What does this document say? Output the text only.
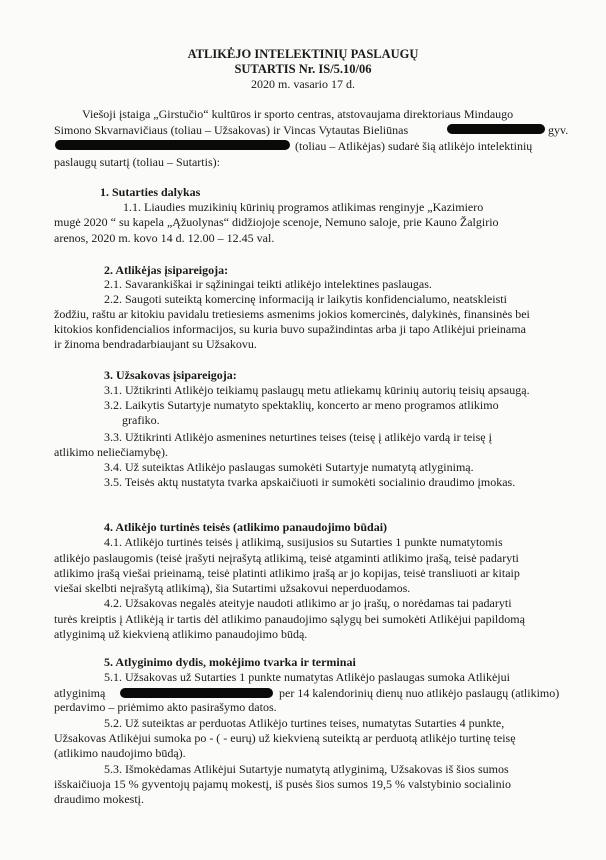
ATLIKĖJO INTELEKTINIŲ PASLAUGŲ
SUTARTIS Nr. IS/5.10/06
2020 m. vasario 17 d.
Viešoji įstaiga „Girstučio“ kultūros ir sporto centras, atstovaujama direktoriaus Mindaugo
Simono Skvarnavičiaus (toliau – Užsakovas) ir Vincas Vytautas Bieliūnas	gyv.
(toliau – Atlikėjas) sudarė šią atlikėjo intelektinių
paslaugų sutartį (toliau – Sutartis):
1. Sutarties dalykas
1.1. Liaudies muzikinių kūrinių programos atlikimas renginyje „Kazimiero
mugė 2020 “ su kapela „Ąžuolynas“ didžiojoje scenoje, Nemuno saloje, prie Kauno Žalgirio
arenos, 2020 m. kovo 14 d. 12.00 – 12.45 val.
2. Atlikėjas įsipareigoja:
2.1. Savarankiškai ir sąžiningai teikti atlikėjo intelektines paslaugas.
2.2. Saugoti suteiktą komercinę informaciją ir laikytis konfidencialumo, neatskleisti
žodžiu, raštu ar kitokiu pavidalu tretiesiems asmenims jokios komercinės, dalykinės, finansinės bei
kitokios konfidencialios informacijos, su kuria buvo supažindintas arba ji tapo Atlikėjui prieinama
ir žinoma bendradarbiaujant su Užsakovu.
3. Užsakovas įsipareigoja:
3.1. Užtikrinti Atlikėjo teikiamų paslaugų metu atliekamų kūrinių autorių teisių apsaugą.
3.2. Laikytis Sutartyje numatyto spektaklių, koncerto ar meno programos atlikimo
grafiko.
3.3. Užtikrinti Atlikėjo asmenines neturtines teises (teisę į atlikėjo vardą ir teisę į
atlikimo neliečiamybę).
3.4. Už suteiktas Atlikėjo paslaugas sumokėti Sutartyje numatytą atlyginimą.
3.5. Teisės aktų nustatyta tvarka apskaičiuoti ir sumokėti socialinio draudimo įmokas.
4. Atlikėjo turtinės teisės (atlikimo panaudojimo būdai)
4.1. Atlikėjo turtinės teisės į atlikimą, susijusios su Sutarties 1 punkte numatytomis
atlikėjo paslaugomis (teisė įrašyti neįrašytą atlikimą, teisė atgaminti atlikimo įrašą, teisė padaryti
atlikimo įrašą viešai prieinamą, teisė platinti atlikimo įrašą ar jo kopijas, teisė transliuoti ar kitaip
viešai skelbti neįrašytą atlikimą), šia Sutartimi užsakovui neperduodamos.
4.2. Užsakovas negalės ateityje naudoti atlikimo ar jo įrašų, o norėdamas tai padaryti
turės kreiptis į Atlikėją ir tartis dėl atlikimo panaudojimo sąlygų bei sumokėti Atlikėjui papildomą
atlyginimą už kiekvieną atlikimo panaudojimo būdą.
5. Atlyginimo dydis, mokėjimo tvarka ir terminai
5.1. Užsakovas už Sutarties 1 punkte numatytas Atlikėjo paslaugas sumoka Atlikėjui
atlyginimą	per 14 kalendorinių dienų nuo atlikėjo paslaugų (atlikimo)
perdavimo – priėmimo akto pasirašymo datos.
5.2. Už suteiktas ar perduotas Atlikėjo turtines teises, numatytas Sutarties 4 punkte,
Užsakovas Atlikėjui sumoka po - ( - eurų) už kiekvieną suteiktą ar perduotą atlikėjo turtinę teisę
(atlikimo naudojimo būdą).
5.3. Išmokėdamas Atlikėjui Sutartyje numatytą atlyginimą, Užsakovas iš šios sumos
išskaičiuoja 15 % gyventojų pajamų mokestį, iš pusės šios sumos 19,5 % valstybinio socialinio
draudimo mokestį.
